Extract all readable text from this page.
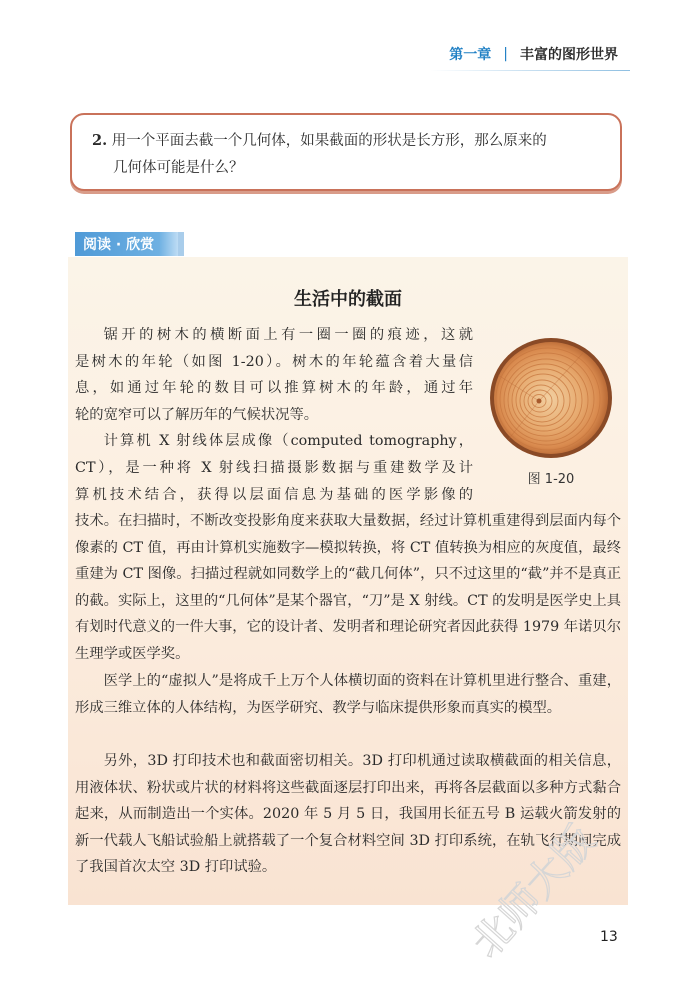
第一章 | 丰富的图形世界

2. 用一个平面去截一个几何体，如果截面的形状是长方形，那么原来的

几何体可能是什么？

阅读 · 欣赏
生活中的截面
锯开的树木的横断面上有一圈一圈的痕迹，这就
是树木的年轮（如图 1-20）。树木的年轮蕴含着大量信
息，如通过年轮的数目可以推算树木的年龄，通过年
轮的宽窄可以了解历年的气候状况等。
计算机 X 射线体层成像（computed tomography，
CT），是一种将 X 射线扫描摄影数据与重建数学及计
算机技术结合，获得以层面信息为基础的医学影像的
图 1-20
技术。在扫描时，不断改变投影角度来获取大量数据，经过计算机重建得到层面内每个像素的 CT 值，再由计算机实施数字—模拟转换，将 CT 值转换为相应的灰度值，最终重建为 CT 图像。扫描过程就如同数学上的“截几何体”，只不过这里的“截”并不是真正的截。实际上，这里的“几何体”是某个器官，“刀”是 X 射线。CT 的发明是医学史上具有划时代意义的一件大事，它的设计者、发明者和理论研究者因此获得 1979 年诺贝尔生理学或医学奖。
医学上的“虚拟人”是将成千上万个人体横切面的资料在计算机里进行整合、重建，形成三维立体的人体结构，为医学研究、教学与临床提供形象而真实的模型。
另外，3D 打印技术也和截面密切相关。3D 打印机通过读取横截面的相关信息，用液体状、粉状或片状的材料将这些截面逐层打印出来，再将各层截面以多种方式黏合起来，从而制造出一个实体。2020 年 5 月 5 日，我国用长征五号 B 运载火箭发射的新一代载人飞船试验船上就搭载了一个复合材料空间 3D 打印系统，在轨飞行期间完成了我国首次太空 3D 打印试验。	北师大版
13
